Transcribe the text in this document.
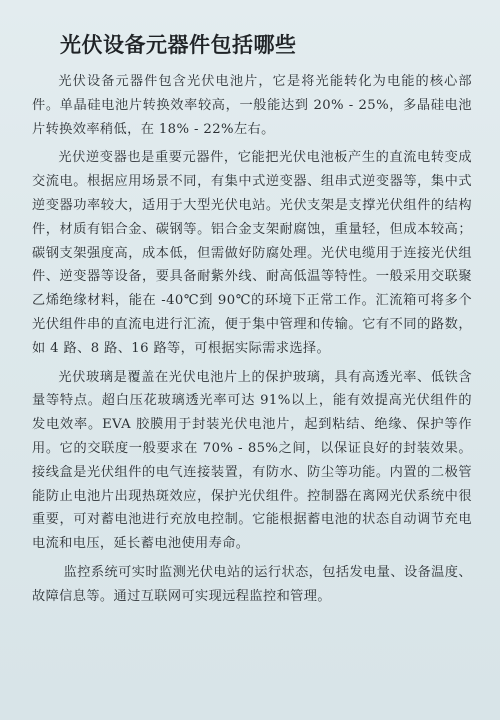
光伏设备元器件包括哪些

光伏设备元器件包含光伏电池片，它是将光能转化为电能的核心部件。单晶硅电池片转换效率较高，一般能达到 20% - 25%，多晶硅电池片转换效率稍低，在 18% - 22%左右。

光伏逆变器也是重要元器件，它能把光伏电池板产生的直流电转变成交流电。根据应用场景不同，有集中式逆变器、组串式逆变器等，集中式逆变器功率较大，适用于大型光伏电站。光伏支架是支撑光伏组件的结构件，材质有铝合金、碳钢等。铝合金支架耐腐蚀，重量轻，但成本较高；碳钢支架强度高，成本低，但需做好防腐处理。光伏电缆用于连接光伏组件、逆变器等设备，要具备耐紫外线、耐高低温等特性。一般采用交联聚乙烯绝缘材料，能在 -40℃到 90℃的环境下正常工作。汇流箱可将多个光伏组件串的直流电进行汇流，便于集中管理和传输。它有不同的路数，如 4 路、8 路、16 路等，可根据实际需求选择。

光伏玻璃是覆盖在光伏电池片上的保护玻璃，具有高透光率、低铁含量等特点。超白压花玻璃透光率可达 91%以上，能有效提高光伏组件的发电效率。EVA 胶膜用于封装光伏电池片，起到粘结、绝缘、保护等作用。它的交联度一般要求在 70% - 85%之间，以保证良好的封装效果。接线盒是光伏组件的电气连接装置，有防水、防尘等功能。内置的二极管能防止电池片出现热斑效应，保护光伏组件。控制器在离网光伏系统中很重要，可对蓄电池进行充放电控制。它能根据蓄电池的状态自动调节充电电流和电压，延长蓄电池使用寿命。

监控系统可实时监测光伏电站的运行状态，包括发电量、设备温度、故障信息等。通过互联网可实现远程监控和管理。
